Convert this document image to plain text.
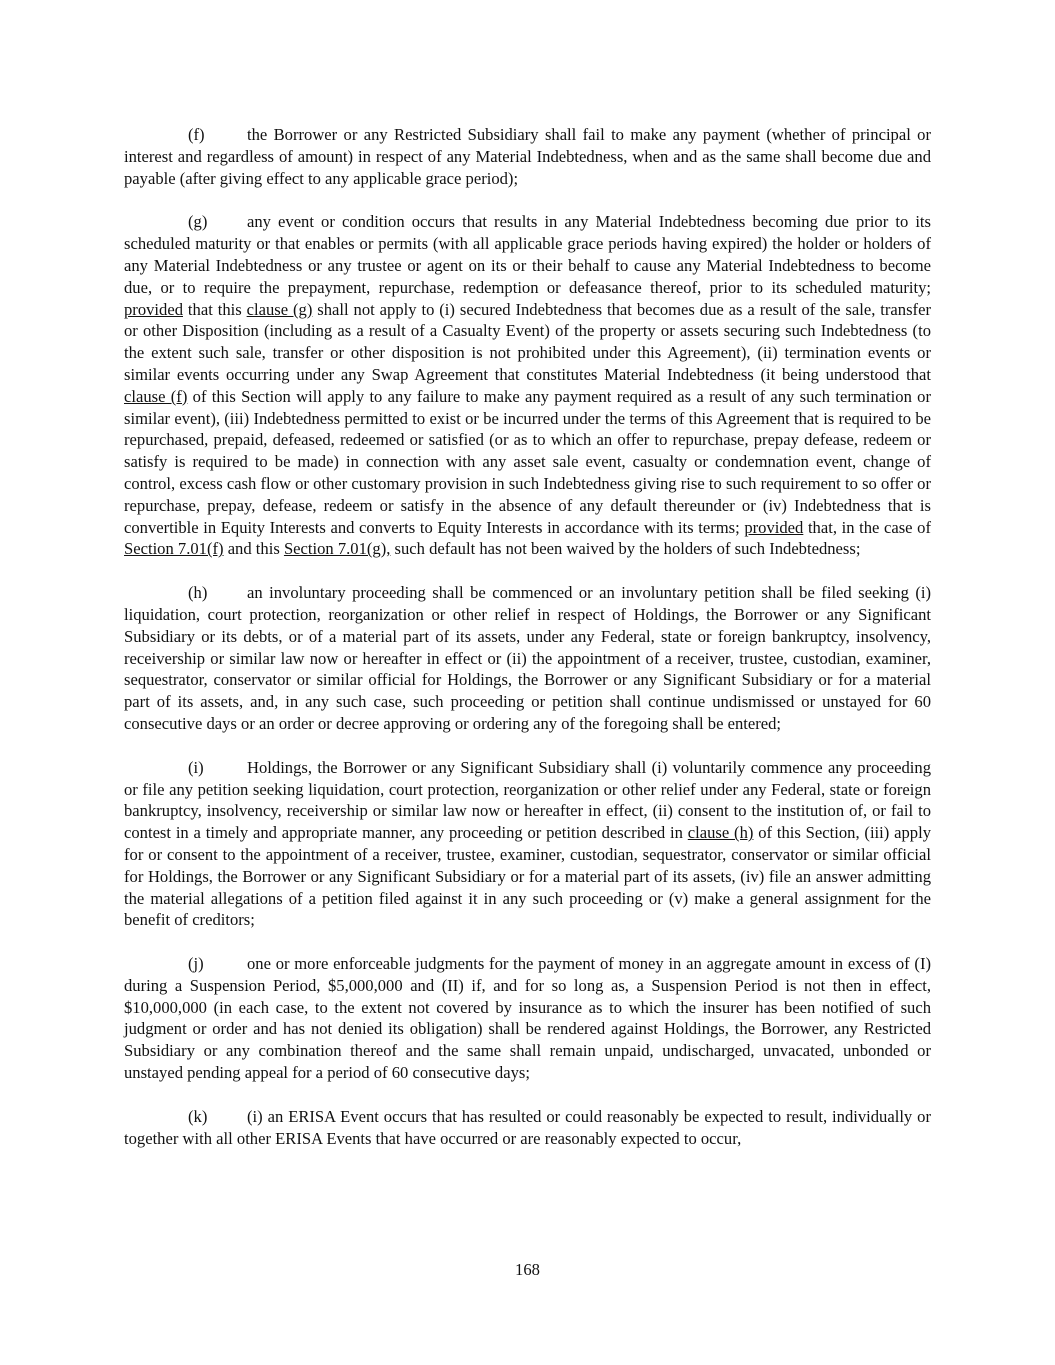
(f)	the Borrower or any Restricted Subsidiary shall fail to make any payment (whether of principal or interest and regardless of amount) in respect of any Material Indebtedness, when and as the same shall become due and payable (after giving effect to any applicable grace period);

(g) any event or condition occurs that results in any Material Indebtedness becoming due prior to its scheduled maturity or that enables or permits (with all applicable grace periods having expired) the holder or holders of any Material Indebtedness or any trustee or agent on its or their behalf to cause any Material Indebtedness to become due, or to require the prepayment, repurchase, redemption or defeasance thereof, prior to its scheduled maturity; provided that this clause (g) shall not apply to (i) secured Indebtedness that becomes due as a result of the sale, transfer or other Disposition (including as a result of a Casualty Event) of the property or assets securing such Indebtedness (to the extent such sale, transfer or other disposition is not prohibited under this Agreement), (ii) termination events or similar events occurring under any Swap Agreement that constitutes Material Indebtedness (it being understood that clause (f) of this Section will apply to any failure to make any payment required as a result of any such termination or similar event), (iii) Indebtedness permitted to exist or be incurred under the terms of this Agreement that is required to be repurchased, prepaid, defeased, redeemed or satisfied (or as to which an offer to repurchase, prepay defease, redeem or satisfy is required to be made) in connection with any asset sale event, casualty or condemnation event, change of control, excess cash flow or other customary provision in such Indebtedness giving rise to such requirement to so offer or repurchase, prepay, defease, redeem or satisfy in the absence of any default thereunder or (iv) Indebtedness that is convertible in Equity Interests and converts to Equity Interests in accordance with its terms; provided that, in the case of Section 7.01(f) and this Section 7.01(g), such default has not been waived by the holders of such Indebtedness;

(h) an involuntary proceeding shall be commenced or an involuntary petition shall be filed seeking (i) liquidation, court protection, reorganization or other relief in respect of Holdings, the Borrower or any Significant Subsidiary or its debts, or of a material part of its assets, under any Federal, state or foreign bankruptcy, insolvency, receivership or similar law now or hereafter in effect or (ii) the appointment of a receiver, trustee, custodian, examiner, sequestrator, conservator or similar official for Holdings, the Borrower or any Significant Subsidiary or for a material part of its assets, and, in any such case, such proceeding or petition shall continue undismissed or unstayed for 60 consecutive days or an order or decree approving or ordering any of the foregoing shall be entered;

(i)	Holdings, the Borrower or any Significant Subsidiary shall (i) voluntarily commence any proceeding or file any petition seeking liquidation, court protection, reorganization or other relief under any Federal, state or foreign bankruptcy, insolvency, receivership or similar law now or hereafter in effect, (ii) consent to the institution of, or fail to contest in a timely and appropriate manner, any proceeding or petition described in clause (h) of this Section, (iii) apply for or consent to the appointment of a receiver, trustee, examiner, custodian, sequestrator, conservator or similar official for Holdings, the Borrower or any Significant Subsidiary or for a material part of its assets, (iv) file an answer admitting the material allegations of a petition filed against it in any such proceeding or (v) make a general assignment for the benefit of creditors;

(j)	one or more enforceable judgments for the payment of money in an aggregate amount in excess of (I) during a Suspension Period, $5,000,000 and (II) if, and for so long as, a Suspension Period is not then in effect, $10,000,000 (in each case, to the extent not covered by insurance as to which the insurer has been notified of such judgment or order and has not denied its obligation) shall be rendered against Holdings, the Borrower, any Restricted Subsidiary or any combination thereof and the same shall remain unpaid, undischarged, unvacated, unbonded or unstayed pending appeal for a period of 60 consecutive days;

(k) (i) an ERISA Event occurs that has resulted or could reasonably be expected to result, individually or together with all other ERISA Events that have occurred or are reasonably expected to occur,

168
